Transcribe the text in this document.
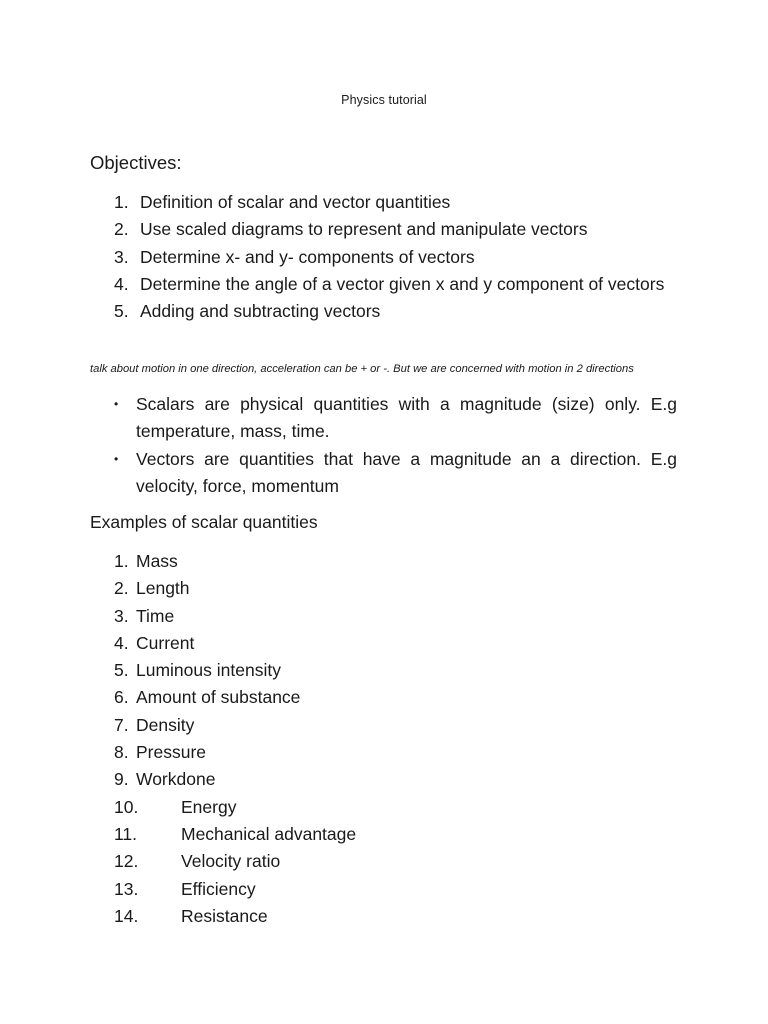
Physics tutorial
Objectives:
1. Definition of scalar and vector quantities
2. Use scaled diagrams to represent and manipulate vectors
3. Determine x- and y- components of vectors
4. Determine the angle of a vector given x and y component of vectors
5. Adding and subtracting vectors
talk about motion in one direction, acceleration can be + or -. But we are concerned with motion in 2 directions
•	Scalars are physical quantities with a magnitude (size) only. E.g temperature, mass, time.
•	Vectors are quantities that have a magnitude an a direction. E.g velocity, force, momentum
Examples of scalar quantities
1. Mass
2. Length
3. Time
4. Current
5. Luminous intensity
6. Amount of substance
7. Density
8. Pressure
9. Workdone
10.	Energy
11.	Mechanical advantage
12.	Velocity ratio
13.	Efficiency
14.	Resistance
